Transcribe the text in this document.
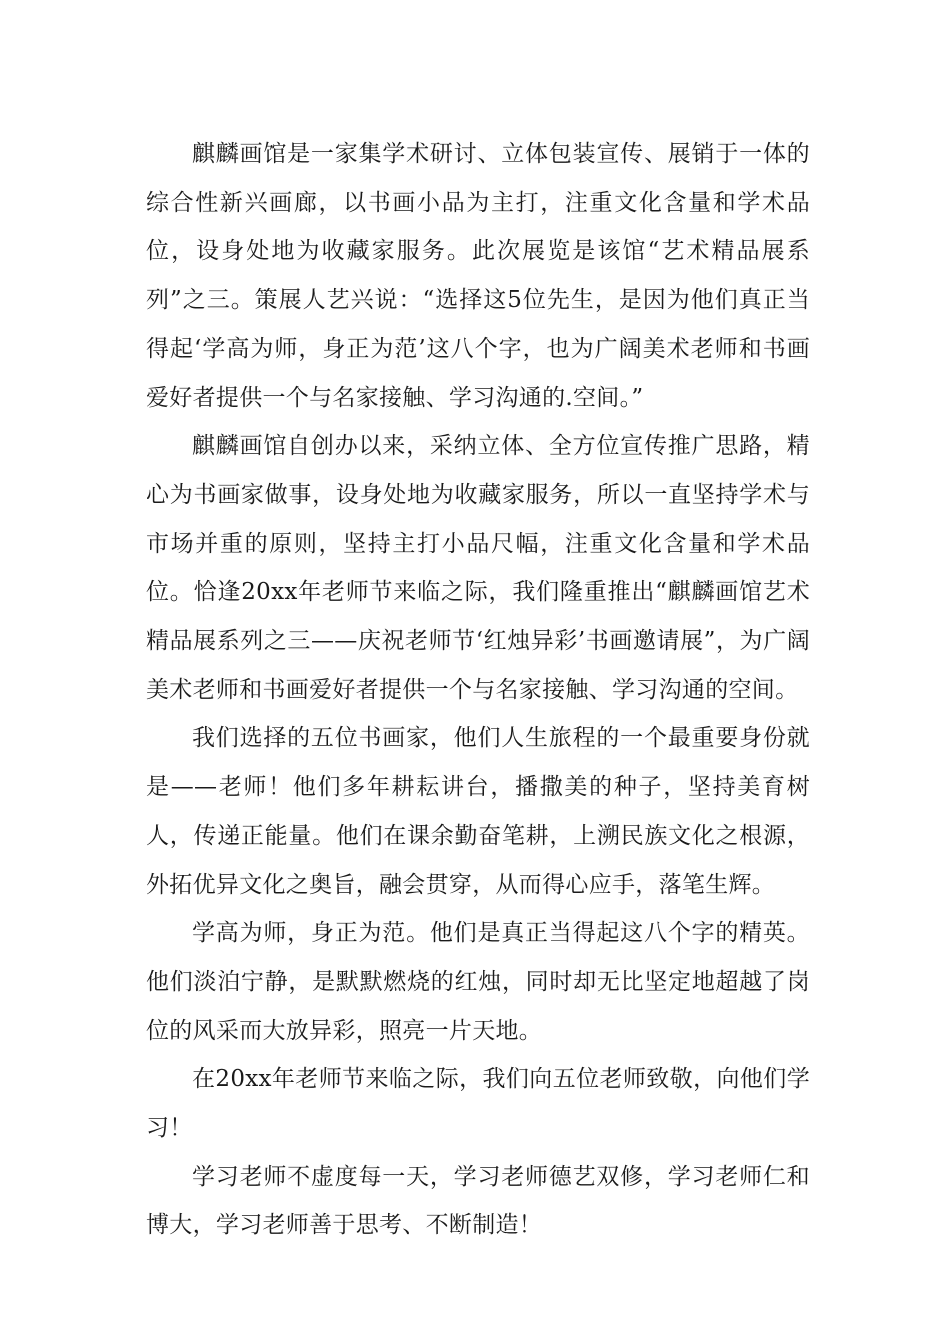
麒麟画馆是一家集学术研讨、立体包装宣传、展销于一体的综合性新兴画廊，以书画小品为主打，注重文化含量和学术品位，设身处地为收藏家服务。此次展览是该馆“艺术精品展系列”之三。策展人艺兴说：“选择这5位先生，是因为他们真正当得起‘学高为师，身正为范’这八个字，也为广阔美术老师和书画爱好者提供一个与名家接触、学习沟通的.空间。”

麒麟画馆自创办以来，采纳立体、全方位宣传推广思路，精心为书画家做事，设身处地为收藏家服务，所以一直坚持学术与市场并重的原则，坚持主打小品尺幅，注重文化含量和学术品位。恰逢20xx年老师节来临之际，我们隆重推出“麒麟画馆艺术精品展系列之三——庆祝老师节‘红烛异彩’书画邀请展”，为广阔美术老师和书画爱好者提供一个与名家接触、学习沟通的空间。

我们选择的五位书画家，他们人生旅程的一个最重要身份就是——老师！他们多年耕耘讲台，播撒美的种子，坚持美育树人，传递正能量。他们在课余勤奋笔耕，上溯民族文化之根源，外拓优异文化之奥旨，融会贯穿，从而得心应手，落笔生辉。

学高为师，身正为范。他们是真正当得起这八个字的精英。他们淡泊宁静，是默默燃烧的红烛，同时却无比坚定地超越了岗位的风采而大放异彩，照亮一片天地。

在20xx年老师节来临之际，我们向五位老师致敬，向他们学习！

学习老师不虚度每一天，学习老师德艺双修，学习老师仁和博大，学习老师善于思考、不断制造！
